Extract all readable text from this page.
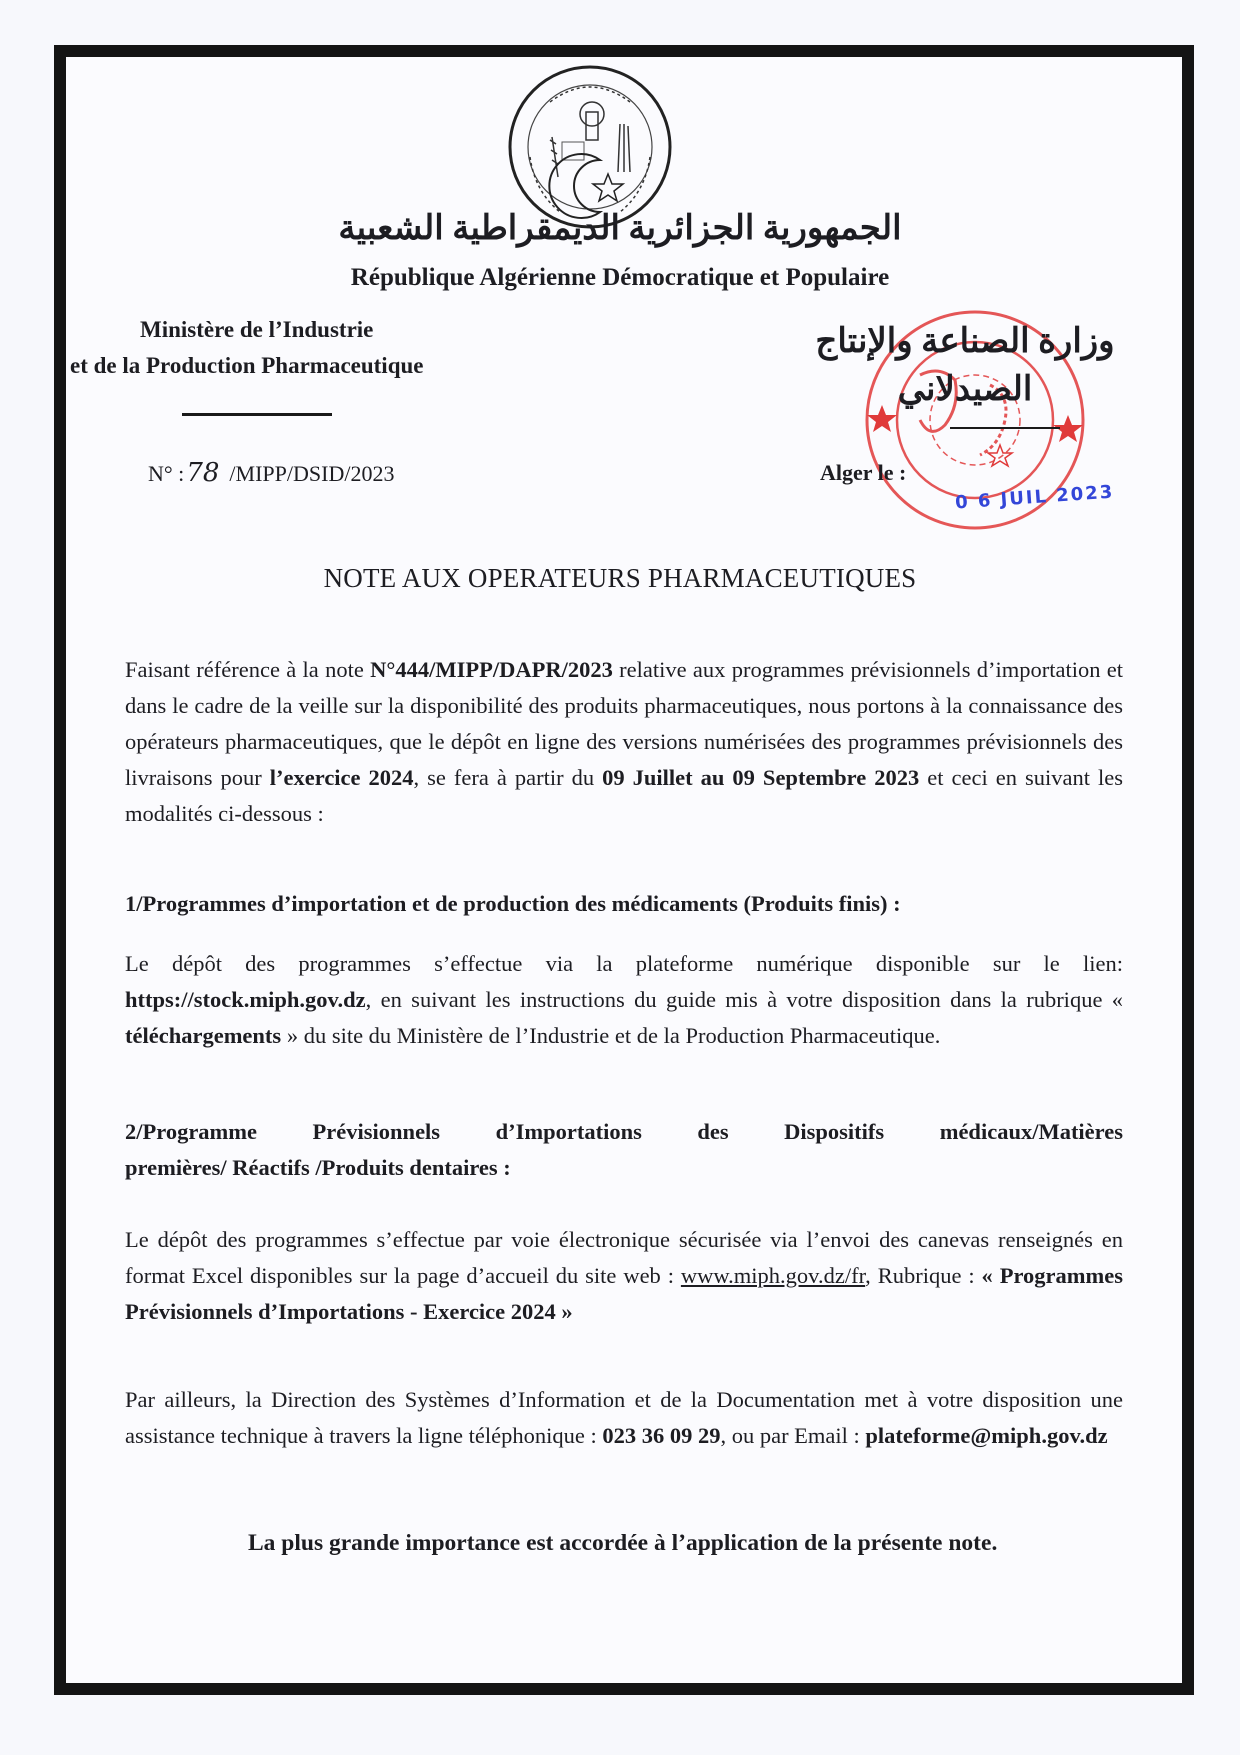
الجمهورية الجزائرية الديمقراطية الشعبية
République Algérienne Démocratique et Populaire
Ministère de l’Industrie
et de la Production Pharmaceutique
N° :78 /MIPP/DSID/2023
وزارة الصناعة والإنتاج
الصيدلاني
Alger le :
0 6 JUIL 2023
NOTE AUX OPERATEURS PHARMACEUTIQUES
Faisant référence à la note N°444/MIPP/DAPR/2023 relative aux programmes prévisionnels d’importation et dans le cadre de la veille sur la disponibilité des produits pharmaceutiques, nous portons à la connaissance des opérateurs pharmaceutiques, que le dépôt en ligne des versions numérisées des programmes prévisionnels des livraisons pour l’exercice 2024, se fera à partir du 09 Juillet au 09 Septembre 2023 et ceci en suivant les modalités ci-dessous :
1/Programmes d’importation et de production des médicaments (Produits finis) :
Le dépôt des programmes s’effectue via la plateforme numérique disponible sur le lien: https://stock.miph.gov.dz, en suivant les instructions du guide mis à votre disposition dans la rubrique « téléchargements » du site du Ministère de l’Industrie et de la Production Pharmaceutique.
2/Programme Prévisionnels d’Importations des Dispositifs médicaux/Matières
premières/ Réactifs /Produits dentaires :
Le dépôt des programmes s’effectue par voie électronique sécurisée via l’envoi des canevas renseignés en format Excel disponibles sur la page d’accueil du site web : www.miph.gov.dz/fr, Rubrique : « Programmes Prévisionnels d’Importations - Exercice 2024 »
Par ailleurs, la Direction des Systèmes d’Information et de la Documentation met à votre disposition une assistance technique à travers la ligne téléphonique : 023 36 09 29, ou par Email : plateforme@miph.gov.dz
La plus grande importance est accordée à l’application de la présente note.
